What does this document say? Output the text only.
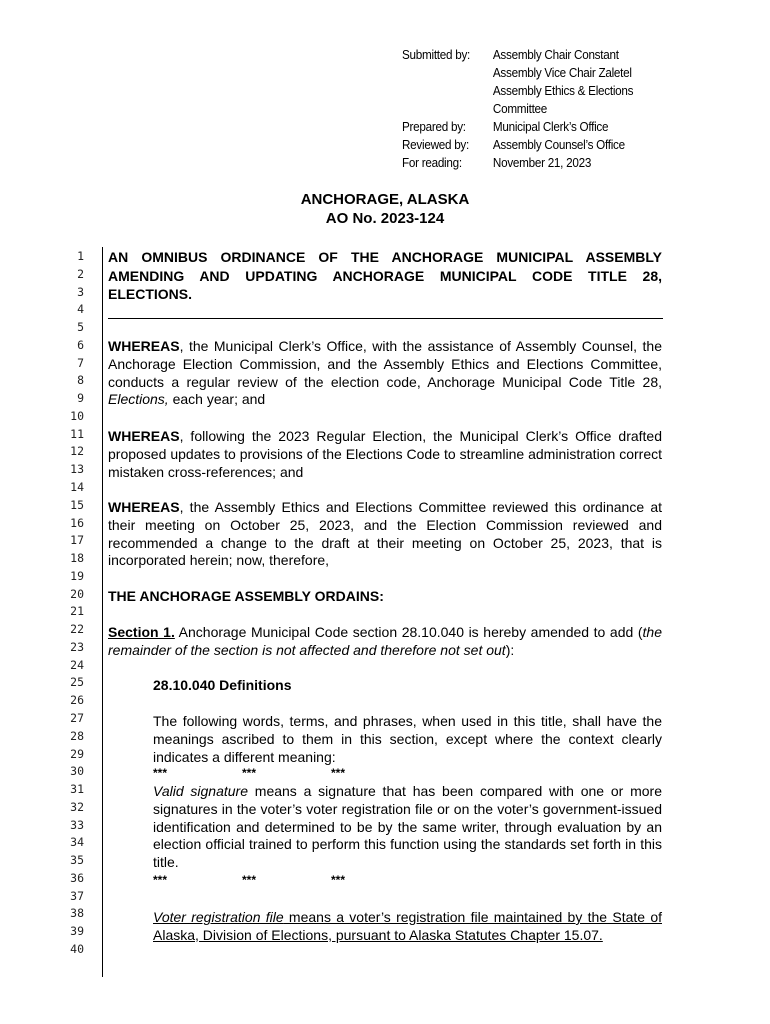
Submitted by:	Assembly Chair Constant
Assembly Vice Chair Zaletel
Assembly Ethics & Elections
Committee
Prepared by:	Municipal Clerk’s Office
Reviewed by:	Assembly Counsel’s Office
For reading:	November 21, 2023
ANCHORAGE, ALASKA
AO No. 2023-124
1
2
3
4
5
6
7
8
9
10
11
12
13
14
15
16
17
18
19
20
21
22
23
24
25
26
27
28
29
30
31
32
33
34
35
36
37
38
39
40
AN OMNIBUS ORDINANCE OF THE ANCHORAGE MUNICIPAL ASSEMBLY AMENDING AND UPDATING ANCHORAGE MUNICIPAL CODE TITLE 28, ELECTIONS.
WHEREAS, the Municipal Clerk’s Office, with the assistance of Assembly Counsel, the Anchorage Election Commission, and the Assembly Ethics and Elections Committee, conducts a regular review of the election code, Anchorage Municipal Code Title 28, Elections, each year; and
WHEREAS, following the 2023 Regular Election, the Municipal Clerk’s Office drafted proposed updates to provisions of the Elections Code to streamline administration correct mistaken cross-references; and
WHEREAS, the Assembly Ethics and Elections Committee reviewed this ordinance at their meeting on October 25, 2023, and the Election Commission reviewed and recommended a change to the draft at their meeting on October 25, 2023, that is incorporated herein; now, therefore,
THE ANCHORAGE ASSEMBLY ORDAINS:
Section 1. Anchorage Municipal Code section 28.10.040 is hereby amended to add (the remainder of the section is not affected and therefore not set out):
28.10.040 Definitions
The following words, terms, and phrases, when used in this title, shall have the meanings ascribed to them in this section, except where the context clearly indicates a different meaning:
***	***	***
Valid signature means a signature that has been compared with one or more signatures in the voter’s voter registration file or on the voter’s government-issued identification and determined to be by the same writer, through evaluation by an election official trained to perform this function using the standards set forth in this title.
***	***	***
Voter registration file means a voter’s registration file maintained by the State of Alaska, Division of Elections, pursuant to Alaska Statutes Chapter 15.07.
